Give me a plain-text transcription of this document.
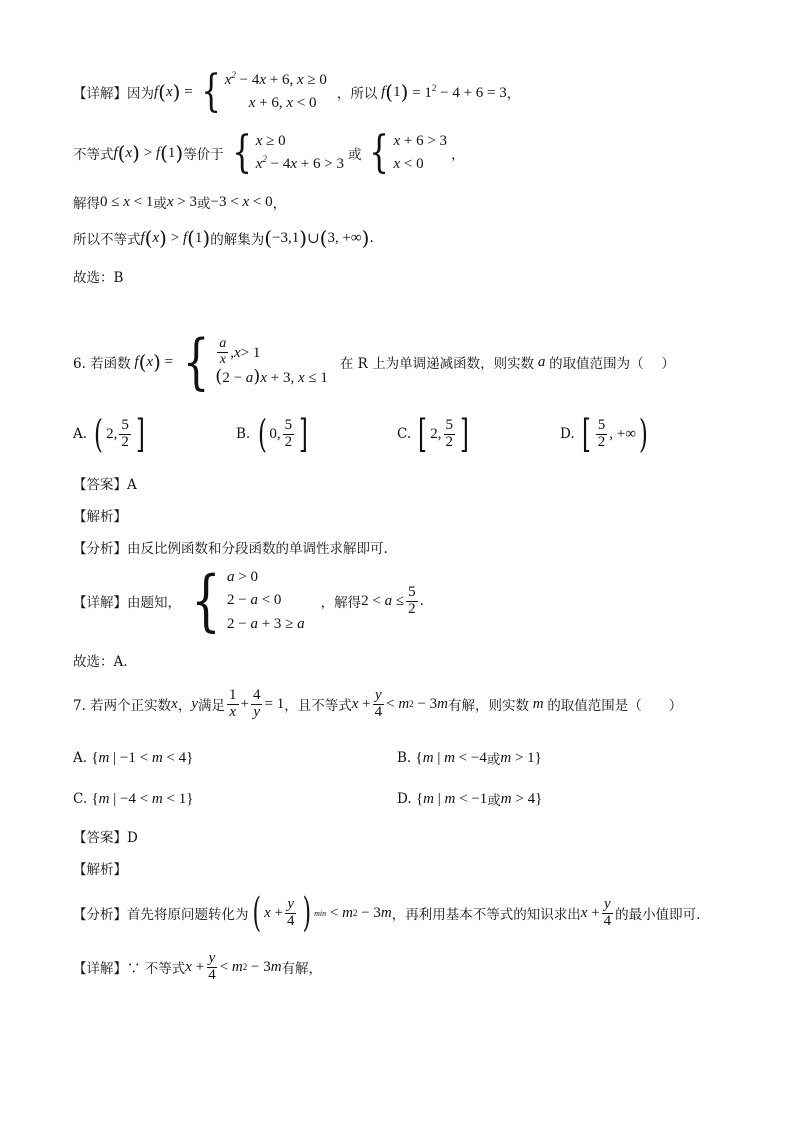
【详解】因为 f ( x ) = { $x^2 - 4x + 6$, x ≥ 0
x + 6, x < 0
，所以 f ( 1 ) = $1^2 - 4 + 6 = 3$ ，
不等式 f ( x ) > f ( 1 ) 等价于 { x ≥ 0
$x^2 - 4x + 6 > 3$
或 { x + 6 > 3
x < 0
，
解得 0 ≤ x < 1 或 x > 3 或 −3 < x < 0 ，
所以不等式 f ( x ) > f ( 1 ) 的解集为 ( −3,1 ) ∪ ( 3, +∞ ) .
故选：B
6. 若函数 f ( x ) = { $\frac{a}{x}$ , x > 1
(2 − a)x + 3, x ≤ 1
在 R 上为单调递减函数，则实数 a 的取值范围为（　 ）
A.
( 2, $\frac{5}{2}$ ]	B.
( 0, $\frac{5}{2}$ ]	C.
[ 2, $\frac{5}{2}$ ]	D.
[ $\frac{5}{2}$ , +∞ )
【答案】A
【解析】
【分析】由反比例函数和分段函数的单调性求解即可.
【详解】由题知， { a > 0
2 − a < 0
2 − a + 3 ≥ a
，解得 $2 < a \le \frac{5}{2}$ .
故选：A.
7. 若两个正实数 x ， y 满足 $\frac{1}{x} + \frac{4}{y} = 1$ ，且不等式 $x + \frac{y}{4} < m$ 2 − 3 m 有解，则实数 m 的取值范围是（　　）
A.
{ m | −1 < m < 4}	B.
{ m | m < −4 或 m > 1}
C.
{ m | −4 < m < 1}	D.
{ m | m < −1 或 m > 4}
【答案】D
【解析】
【分析】首先将原问题转化为 ( $x + \frac{y}{4}$ ) min < m 2 − 3 m ，再利用基本不等式的知识求出 $x + \frac{y}{4}$ 的最小值即可.
【详解】∵ 不等式 $x + \frac{y}{4} < m$ 2 − 3 m 有解，
